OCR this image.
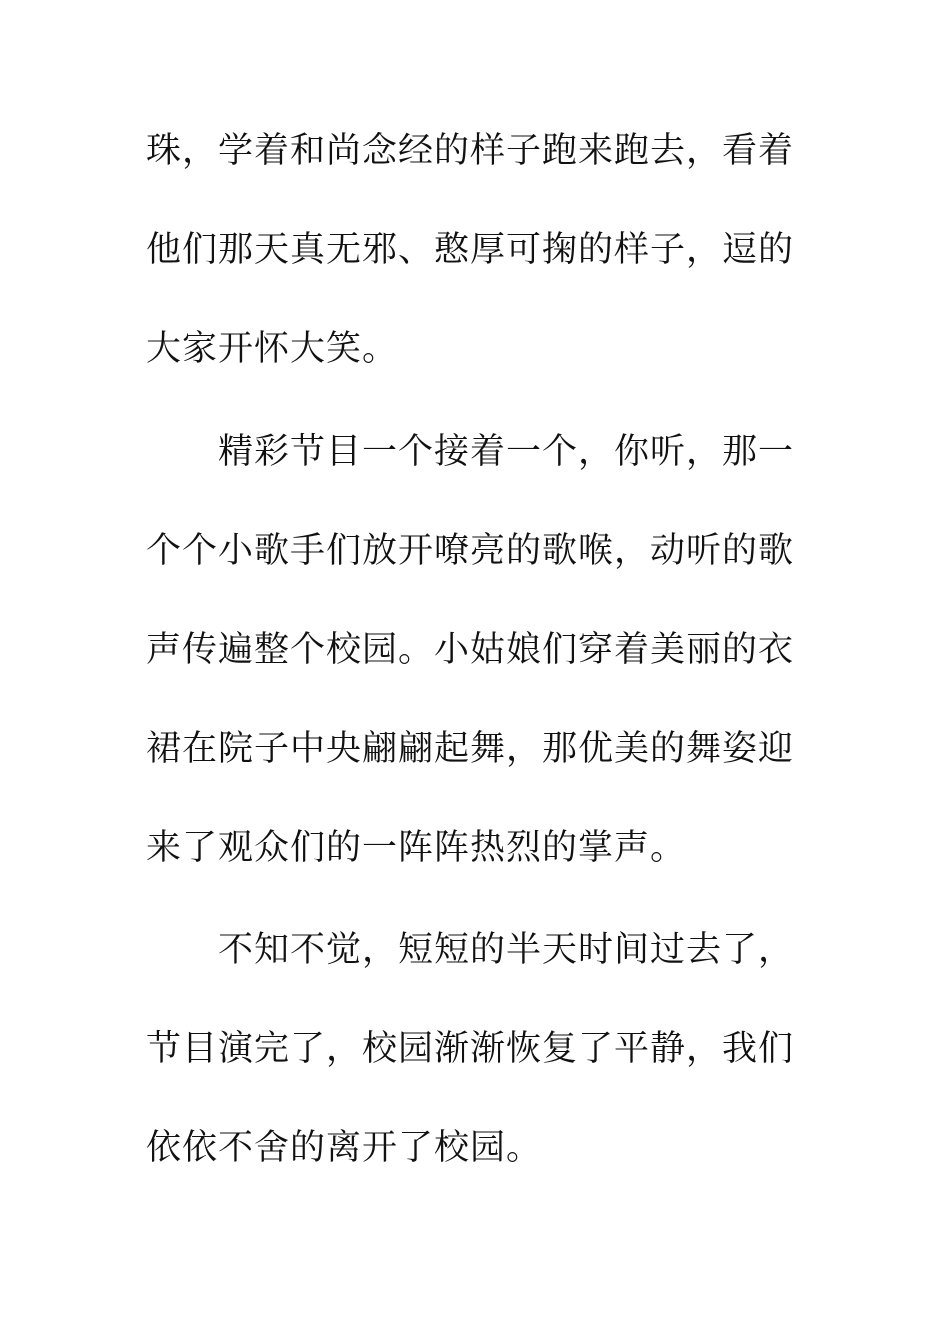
珠，学着和尚念经的样子跑来跑去，看着
他们那天真无邪、憨厚可掬的样子，逗的
大家开怀大笑。
精彩节目一个接着一个，你听，那一
个个小歌手们放开嘹亮的歌喉，动听的歌
声传遍整个校园。小姑娘们穿着美丽的衣
裙在院子中央翩翩起舞，那优美的舞姿迎
来了观众们的一阵阵热烈的掌声。
不知不觉，短短的半天时间过去了，
节目演完了，校园渐渐恢复了平静，我们
依依不舍的离开了校园。
